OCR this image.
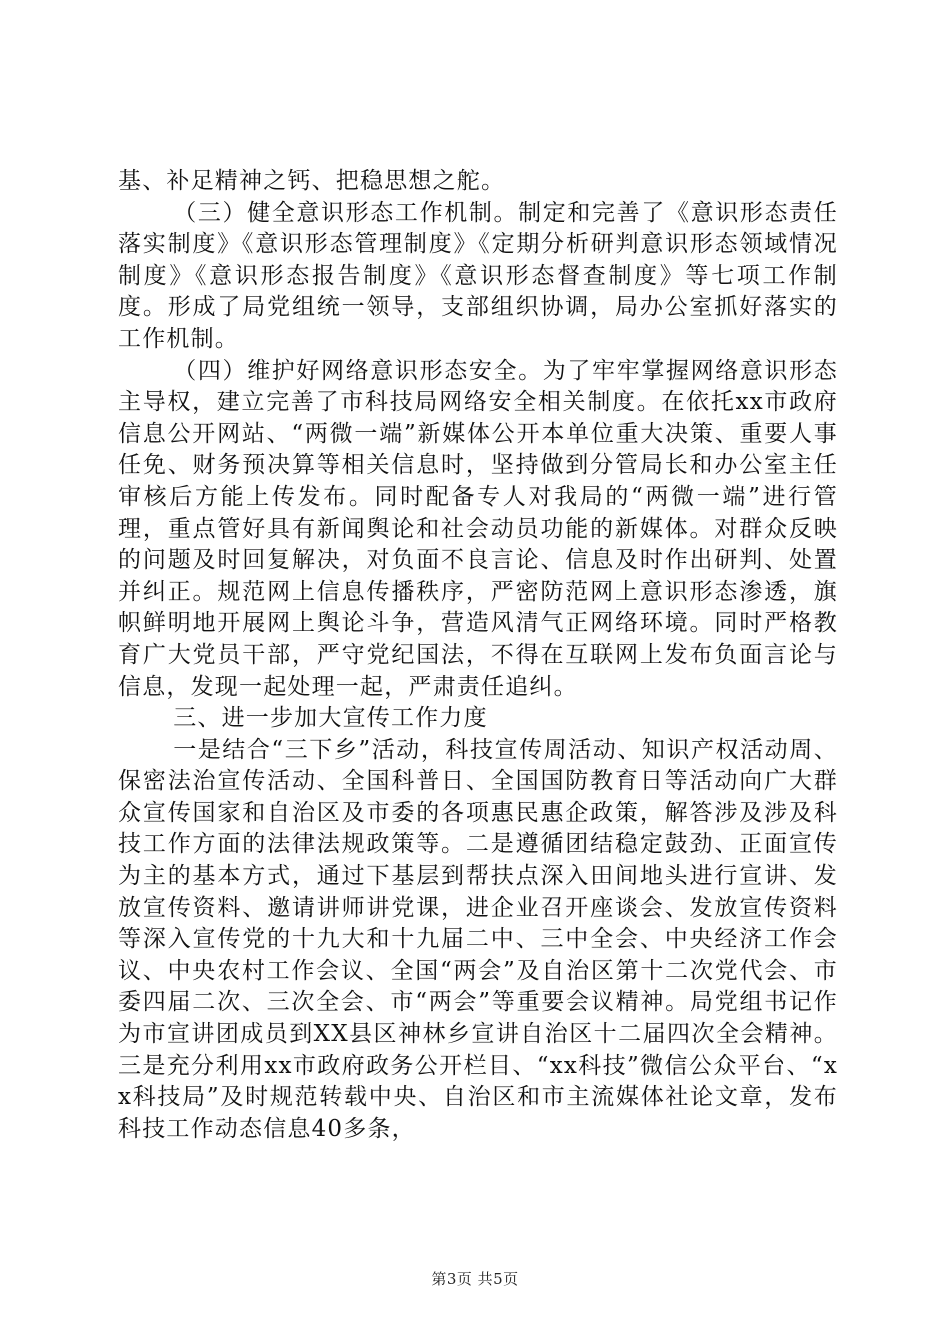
基、补足精神之钙、把稳思想之舵。

（三）健全意识形态工作机制。制定和完善了《意识形态责任落实制度》《意识形态管理制度》《定期分析研判意识形态领域情况制度》《意识形态报告制度》《意识形态督查制度》等七项工作制度。形成了局党组统一领导，支部组织协调，局办公室抓好落实的工作机制。

（四）维护好网络意识形态安全。为了牢牢掌握网络意识形态主导权，建立完善了市科技局网络安全相关制度。在依托xx市政府信息公开网站、“两微一端”新媒体公开本单位重大决策、重要人事任免、财务预决算等相关信息时，坚持做到分管局长和办公室主任审核后方能上传发布。同时配备专人对我局的“两微一端”进行管理，重点管好具有新闻舆论和社会动员功能的新媒体。对群众反映的问题及时回复解决，对负面不良言论、信息及时作出研判、处置并纠正。规范网上信息传播秩序，严密防范网上意识形态渗透，旗帜鲜明地开展网上舆论斗争，营造风清气正网络环境。同时严格教育广大党员干部，严守党纪国法，不得在互联网上发布负面言论与信息，发现一起处理一起，严肃责任追纠。

三、进一步加大宣传工作力度

一是结合“三下乡”活动，科技宣传周活动、知识产权活动周、保密法治宣传活动、全国科普日、全国国防教育日等活动向广大群众宣传国家和自治区及市委的各项惠民惠企政策，解答涉及涉及科技工作方面的法律法规政策等。二是遵循团结稳定鼓劲、正面宣传为主的基本方式，通过下基层到帮扶点深入田间地头进行宣讲、发放宣传资料、邀请讲师讲党课，进企业召开座谈会、发放宣传资料等深入宣传党的十九大和十九届二中、三中全会、中央经济工作会议、中央农村工作会议、全国“两会”及自治区第十二次党代会、市委四届二次、三次全会、市“两会”等重要会议精神。局党组书记作为市宣讲团成员到XX县区神林乡宣讲自治区十二届四次全会精神。三是充分利用xx市政府政务公开栏目、“xx科技”微信公众平台、“xx科技局”及时规范转载中央、自治区和市主流媒体社论文章，发布科技工作动态信息40多条，

第3页 共5页
